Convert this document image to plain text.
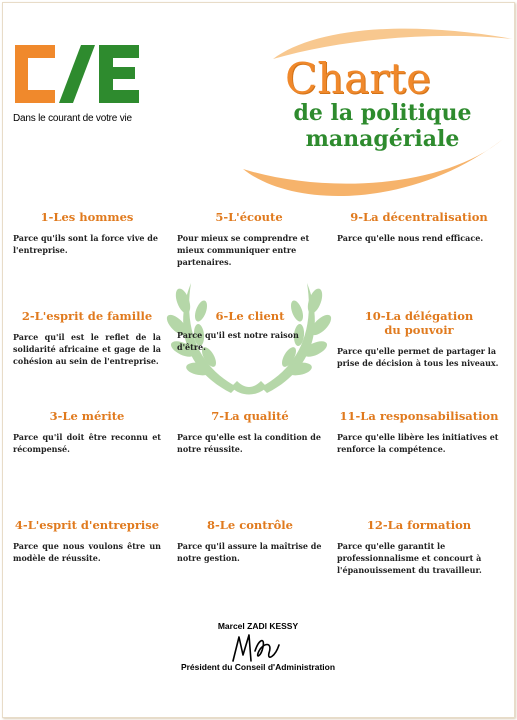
Dans le courant de votre vie
Charte
de la politique
managériale
1-Les hommes

Parce qu'ils sont la force vive de l'entreprise.

2-L'esprit de famille

Parce qu'il est le reflet de la solidarité africaine et gage de la cohésion au sein de l'entreprise.

3-Le mérite

Parce qu'il doit être reconnu et récompensé.

4-L'esprit d'entreprise

Parce que nous voulons être un modèle de réussite.

5-L'écoute

Pour mieux se comprendre et mieux communiquer entre partenaires.

6-Le client

Parce qu'il est notre raison d'être.

7-La qualité

Parce qu'elle est la condition de notre réussite.

8-Le contrôle

Parce qu'il assure la maîtrise de notre gestion.

9-La décentralisation

Parce qu'elle nous rend efficace.

10-La délégation
du pouvoir

Parce qu'elle permet de partager la prise de décision à tous les niveaux.

11-La responsabilisation

Parce qu'elle libère les initiatives et renforce la compétence.

12-La formation

Parce qu'elle garantit le professionnalisme et concourt à l'épanouissement du travailleur.

Marcel ZADI KESSY
Président du Conseil d'Administration
